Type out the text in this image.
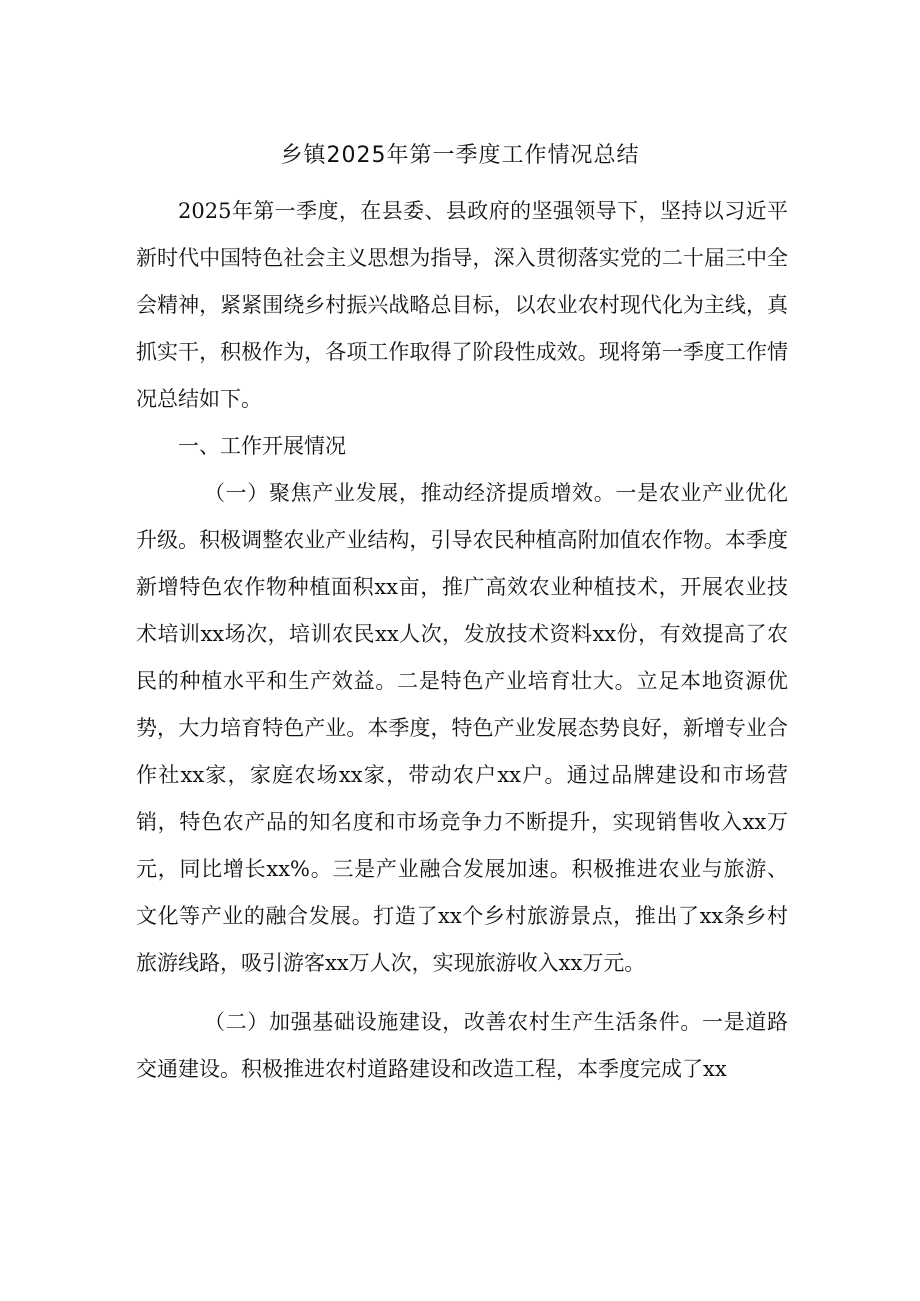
乡镇2025年第一季度工作情况总结

2025年第一季度，在县委、县政府的坚强领导下，坚持以习近平新时代中国特色社会主义思想为指导，深入贯彻落实党的二十届三中全会精神，紧紧围绕乡村振兴战略总目标，以农业农村现代化为主线，真抓实干，积极作为，各项工作取得了阶段性成效。现将第一季度工作情况总结如下。

一、工作开展情况

（一）聚焦产业发展，推动经济提质增效。一是农业产业优化升级。积极调整农业产业结构，引导农民种植高附加值农作物。本季度新增特色农作物种植面积xx亩，推广高效农业种植技术，开展农业技术培训xx场次，培训农民xx人次，发放技术资料xx份，有效提高了农民的种植水平和生产效益。二是特色产业培育壮大。立足本地资源优势，大力培育特色产业。本季度，特色产业发展态势良好，新增专业合作社xx家，家庭农场xx家，带动农户xx户。通过品牌建设和市场营销，特色农产品的知名度和市场竞争力不断提升，实现销售收入xx万元，同比增长xx%。三是产业融合发展加速。积极推进农业与旅游、文化等产业的融合发展。打造了xx个乡村旅游景点，推出了xx条乡村旅游线路，吸引游客xx万人次，实现旅游收入xx万元。

（二）加强基础设施建设，改善农村生产生活条件。一是道路交通建设。积极推进农村道路建设和改造工程，本季度完成了xx
